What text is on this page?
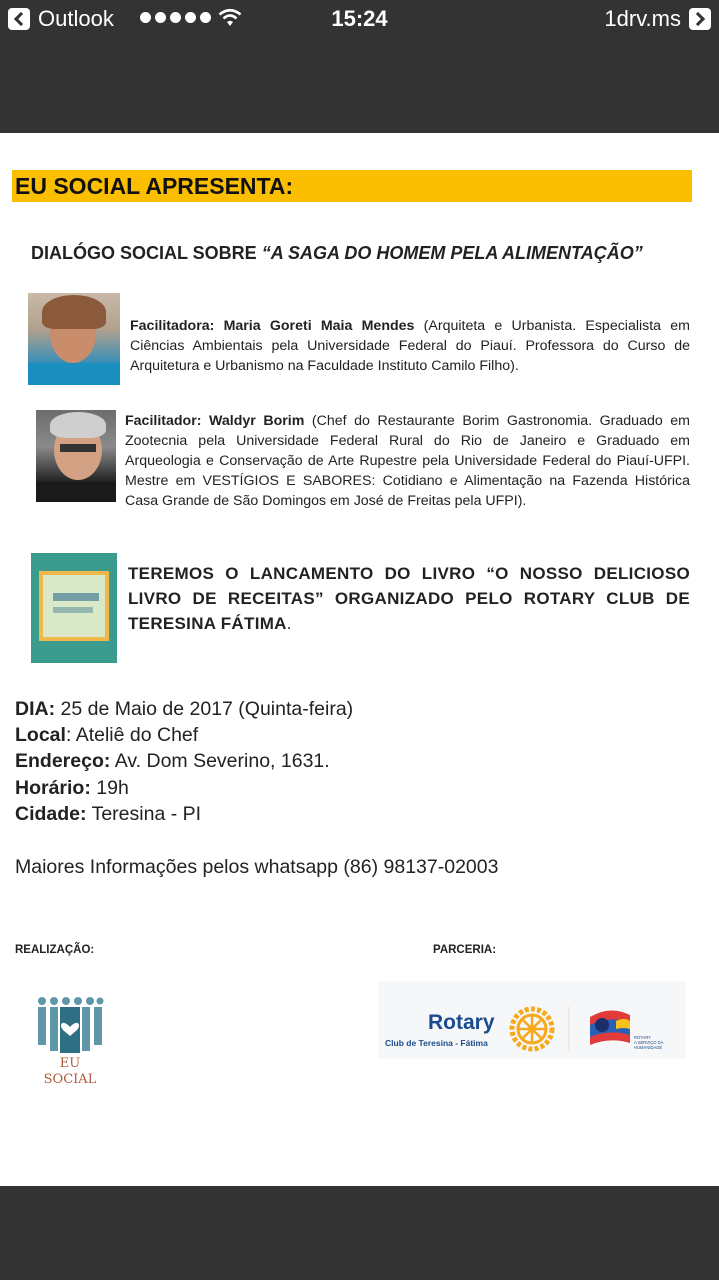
Outlook	15:24	1drv.ms
EU SOCIAL APRESENTA:
DIALÓGO SOCIAL SOBRE “A SAGA DO HOMEM PELA ALIMENTAÇÃO”
Facilitadora: Maria Goreti Maia Mendes (Arquiteta e Urbanista. Especialista em Ciências Ambientais pela Universidade Federal do Piauí. Professora do Curso de Arquitetura e Urbanismo na Faculdade Instituto Camilo Filho).
Facilitador: Waldyr Borim (Chef do Restaurante Borim Gastronomia. Graduado em Zootecnia pela Universidade Federal Rural do Rio de Janeiro e Graduado em Arqueologia e Conservação de Arte Rupestre pela Universidade Federal do Piauí-UFPI. Mestre em VESTÍGIOS E SABORES: Cotidiano e Alimentação na Fazenda Histórica Casa Grande de São Domingos em José de Freitas pela UFPI).
TEREMOS O LANCAMENTO DO LIVRO “O NOSSO DELICIOSO LIVRO DE RECEITAS” ORGANIZADO PELO ROTARY CLUB DE TERESINA FÁTIMA.
DIA: 25 de Maio de 2017 (Quinta-feira)
Local: Ateliê do Chef
Endereço: Av. Dom Severino, 1631.
Horário: 19h
Cidade: Teresina - PI
Maiores Informações pelos whatsapp (86) 98137-02003
REALIZAÇÃO:	PARCERIA:
EU
SOCIAL
Rotary
Club de Teresina - Fátima
ROTARY
A SERVIÇO DA
HUMANIDADE
